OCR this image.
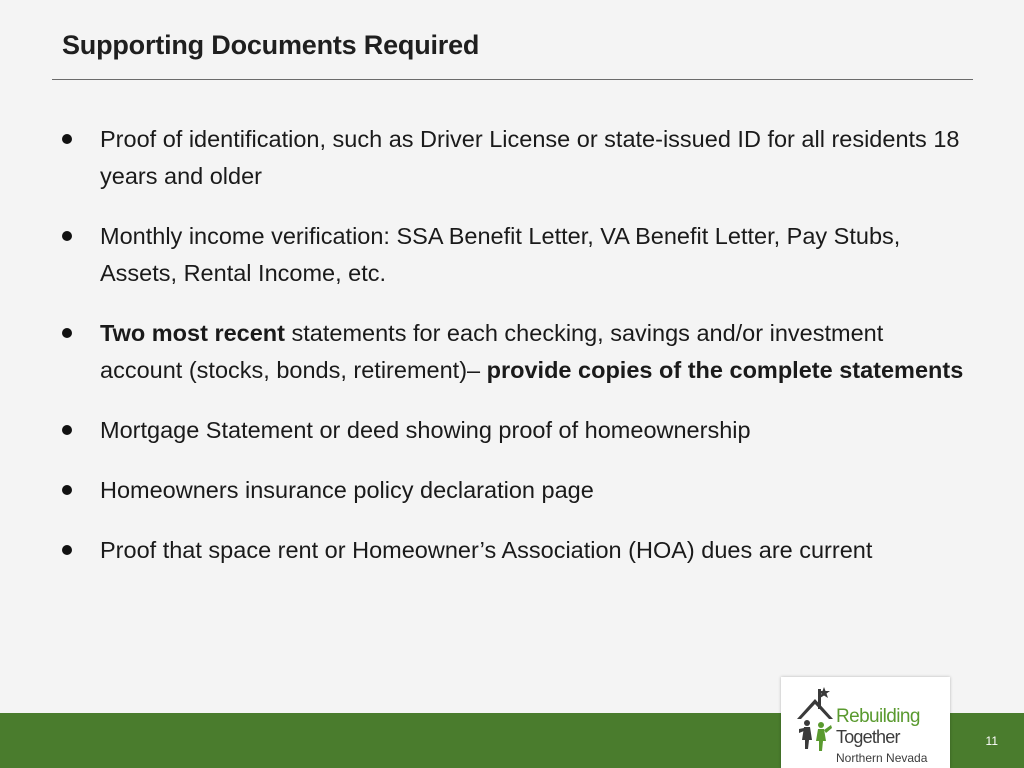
Supporting Documents Required
Proof of identification, such as Driver License or state-issued ID for all residents 18 years and older
Monthly income verification: SSA Benefit Letter, VA Benefit Letter, Pay Stubs, Assets, Rental Income, etc.
Two most recent statements for each checking, savings and/or investment account (stocks, bonds, retirement)– provide copies of the complete statements
Mortgage Statement or deed showing proof of homeownership
Homeowners insurance policy declaration page
Proof that space rent or Homeowner’s Association (HOA) dues are current
Rebuilding
Together
Northern Nevada
11
